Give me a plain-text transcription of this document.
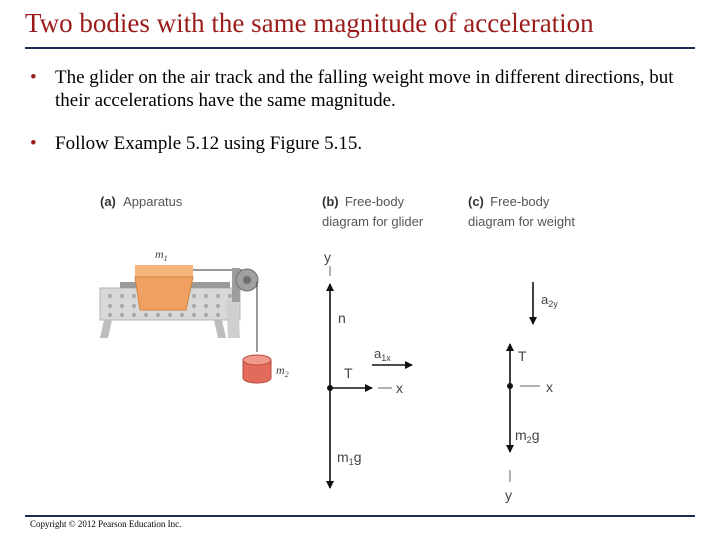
Two bodies with the same magnitude of acceleration
• The glider on the air track and the falling weight move in different directions, but their accelerations have the same magnitude.
• Follow Example 5.12 using Figure 5.15.
(a) Apparatus
$m_1$
$m_2$
(b) Free-body
diagram for glider
y
n
$m_1g$
T
x
$a_{1x}$
(c) Free-body
diagram for weight
$a_{2y}$
T
x
$m_2g$
y
Copyright © 2012 Pearson Education Inc.
